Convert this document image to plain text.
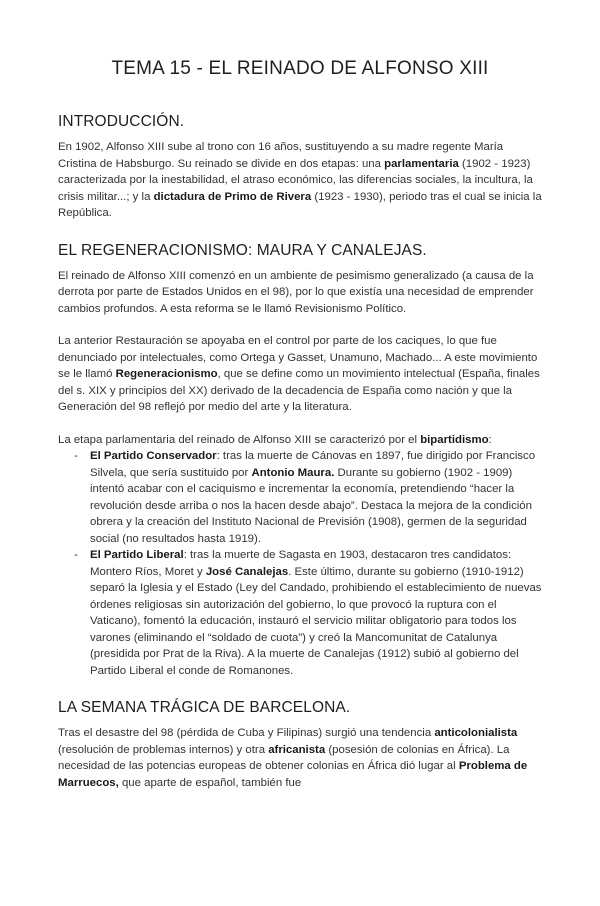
TEMA 15 - EL REINADO DE ALFONSO XIII
INTRODUCCIÓN.

En 1902, Alfonso XIII sube al trono con 16 años, sustituyendo a su madre regente María Cristina de Habsburgo. Su reinado se divide en dos etapas: una parlamentaria (1902 - 1923) caracterizada por la inestabilidad, el atraso económico, las diferencias sociales, la incultura, la crisis militar...; y la dictadura de Primo de Rivera (1923 - 1930), periodo tras el cual se inicia la República.

EL REGENERACIONISMO: MAURA Y CANALEJAS.

El reinado de Alfonso XIII comenzó en un ambiente de pesimismo generalizado (a causa de la derrota por parte de Estados Unidos en el 98), por lo que existía una necesidad de emprender cambios profundos. A esta reforma se le llamó Revisionismo Político.

La anterior Restauración se apoyaba en el control por parte de los caciques, lo que fue denunciado por intelectuales, como Ortega y Gasset, Unamuno, Machado... A este movimiento se le llamó Regeneracionismo, que se define como un movimiento intelectual (España, finales del s. XIX y principios del XX) derivado de la decadencia de España como nación y que la Generación del 98 reflejó por medio del arte y la literatura.

La etapa parlamentaria del reinado de Alfonso XIII se caracterizó por el bipartidismo:

- El Partido Conservador: tras la muerte de Cánovas en 1897, fue dirigido por Francisco Silvela, que sería sustituido por Antonio Maura. Durante su gobierno (1902 - 1909) intentó acabar con el caciquismo e incrementar la economía, pretendiendo “hacer la revolución desde arriba o nos la hacen desde abajo”. Destaca la mejora de la condición obrera y la creación del Instituto Nacional de Previsión (1908), germen de la seguridad social (no resultados hasta 1919).
- El Partido Liberal: tras la muerte de Sagasta en 1903, destacaron tres candidatos: Montero Ríos, Moret y José Canalejas. Este último, durante su gobierno (1910-1912) separó la Iglesia y el Estado (Ley del Candado, prohibiendo el establecimiento de nuevas órdenes religiosas sin autorización del gobierno, lo que provocó la ruptura con el Vaticano), fomentó la educación, instauró el servicio militar obligatorio para todos los varones (eliminando el “soldado de cuota”) y creó la Mancomunitat de Catalunya (presidida por Prat de la Riva). A la muerte de Canalejas (1912) subió al gobierno del Partido Liberal el conde de Romanones.
LA SEMANA TRÁGICA DE BARCELONA.

Tras el desastre del 98 (pérdida de Cuba y Filipinas) surgió una tendencia anticolonialista (resolución de problemas internos) y otra africanista (posesión de colonias en África). La necesidad de las potencias europeas de obtener colonias en África dió lugar al Problema de Marruecos, que aparte de español, también fue
